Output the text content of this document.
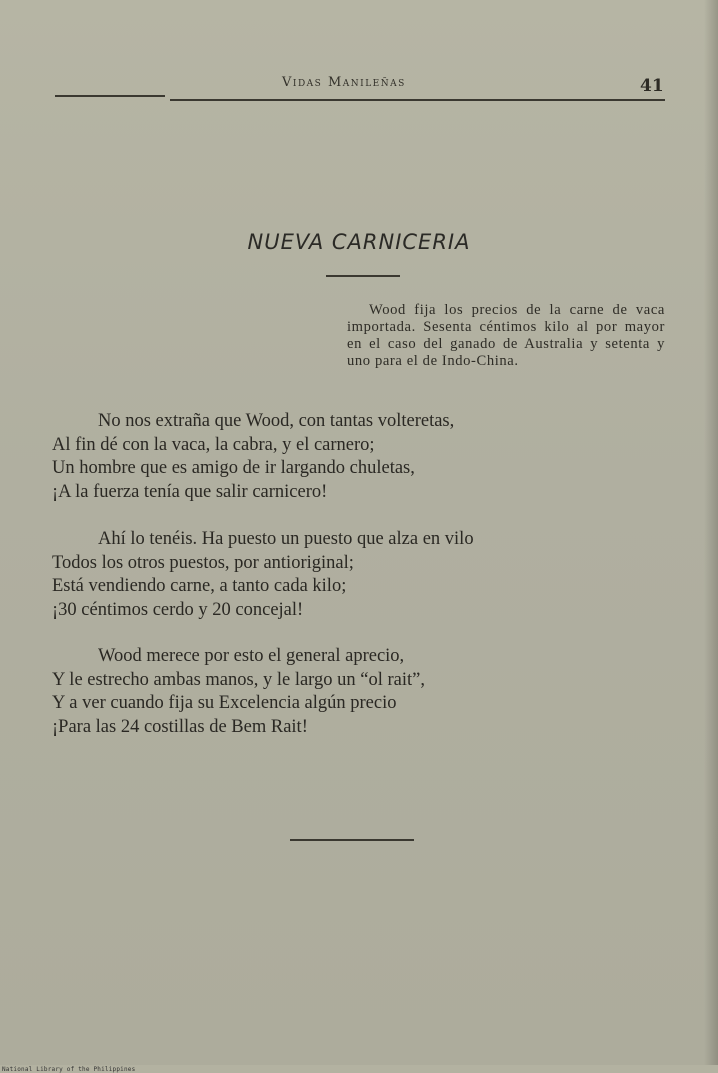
Vidas Manileñas	41
NUEVA CARNICERIA
Wood fija los precios de la carne de vaca importada. Sesenta céntimos kilo al por mayor en el caso del ganado de Australia y setenta y uno para el de Indo-China.
No nos extraña que Wood, con tantas volteretas,
Al fin dé con la vaca, la cabra, y el carnero;
Un hombre que es amigo de ir largando chuletas,
¡A la fuerza tenía que salir carnicero!
Ahí lo tenéis. Ha puesto un puesto que alza en vilo
Todos los otros puestos, por antioriginal;
Está vendiendo carne, a tanto cada kilo;
¡30 céntimos cerdo y 20 concejal!
Wood merece por esto el general aprecio,
Y le estrecho ambas manos, y le largo un “ol rait”,
Y a ver cuando fija su Excelencia algún precio
¡Para las 24 costillas de Bem Rait!
National Library of the Philippines
